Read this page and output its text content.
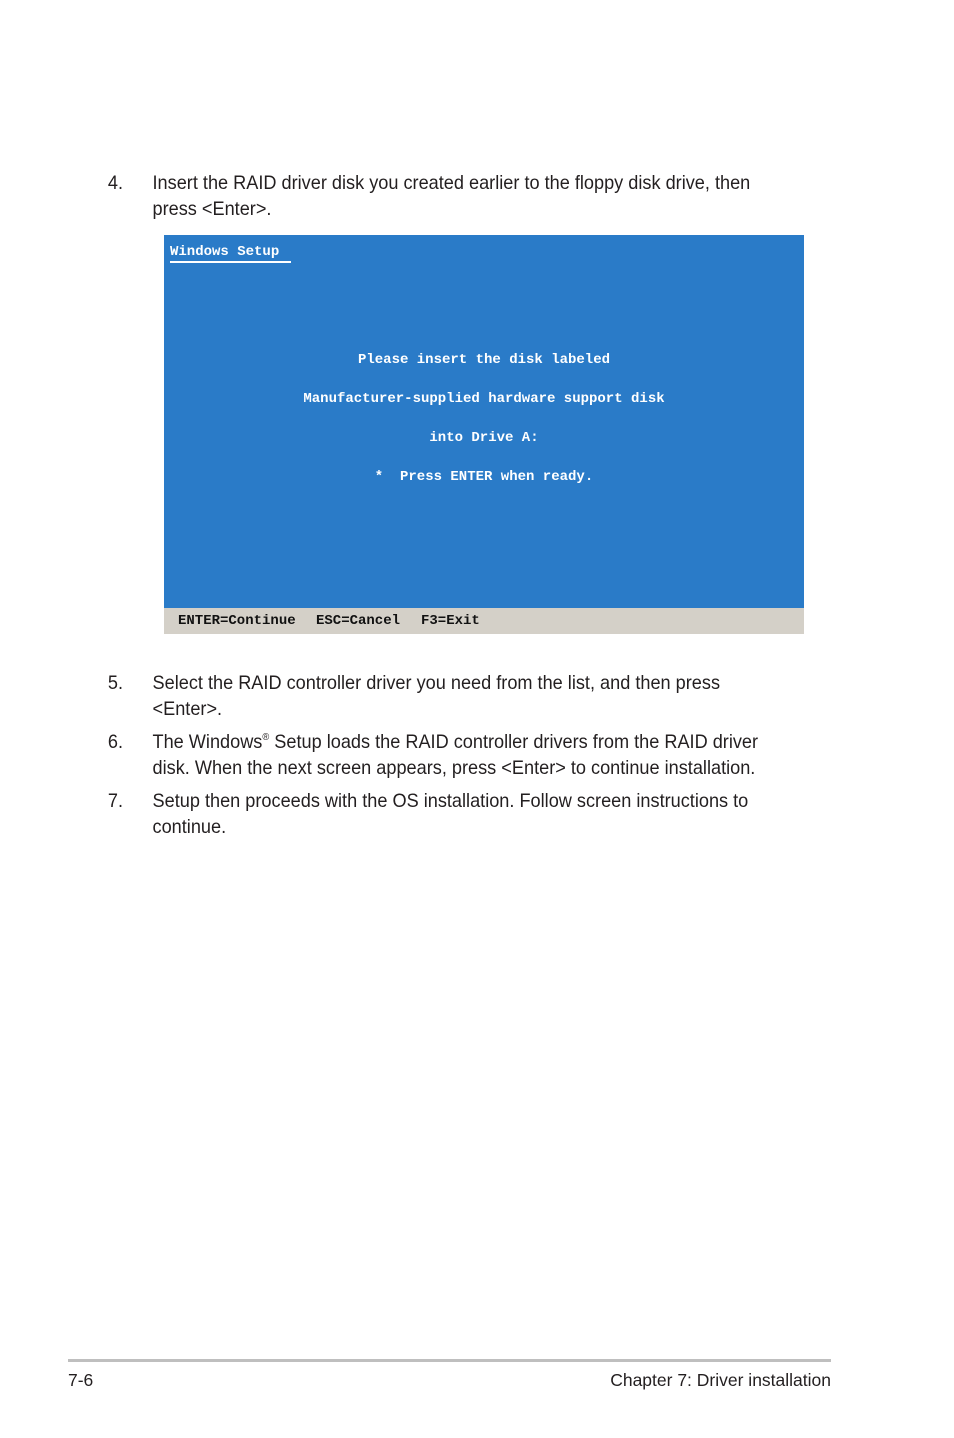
4. Insert the RAID driver disk you created earlier to the floppy disk drive, then
press <Enter>.
Windows Setup
Please insert the disk labeled
Manufacturer-supplied hardware support disk
into Drive A:
*  Press ENTER when ready.
ENTER=Continue ESC=Cancel F3=Exit
5. Select the RAID controller driver you need from the list, and then press
<Enter>.
6. The Windows® Setup loads the RAID controller drivers from the RAID driver
disk. When the next screen appears, press <Enter> to continue installation.
7. Setup then proceeds with the OS installation. Follow screen instructions to
continue.
7-6	Chapter 7: Driver installation
